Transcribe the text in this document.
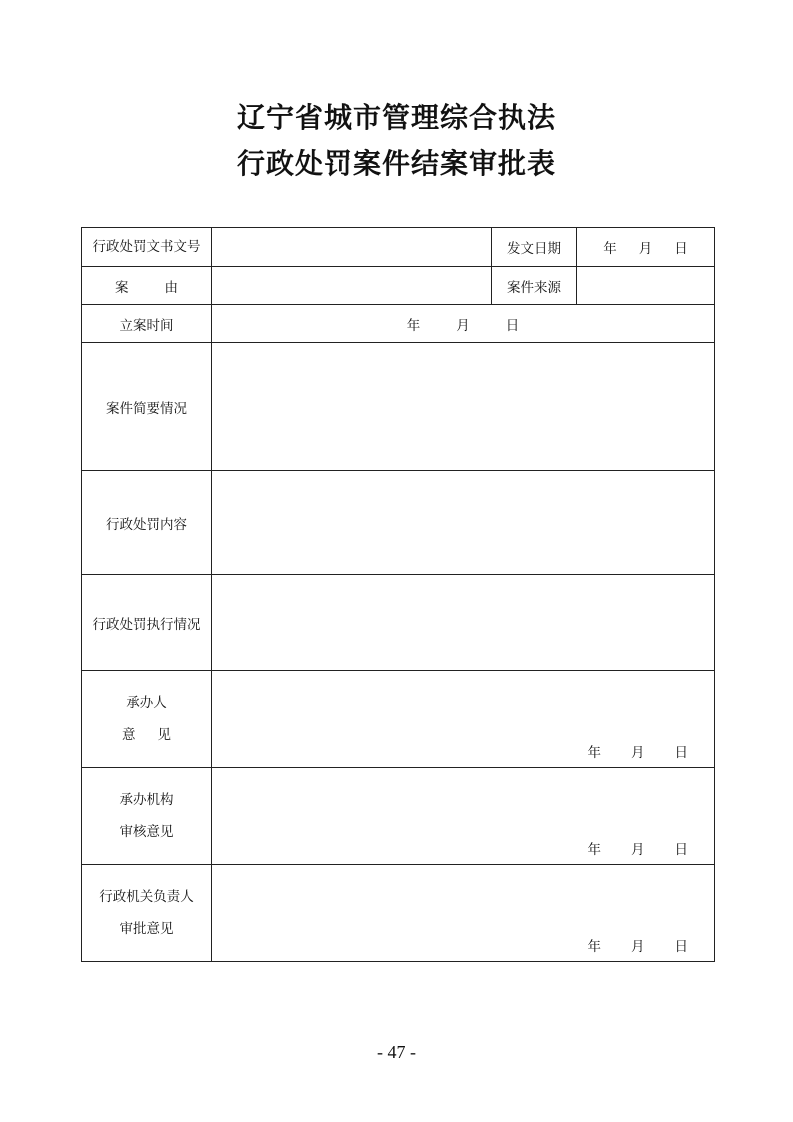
辽宁省城市管理综合执法
行政处罚案件结案审批表
行政处罚文书文号		发文日期	年 月 日
案 由		案件来源	
立案时间	年 月 日		
案件简要情况			
行政处罚内容			
行政处罚执行情况			

承办人
意 见	年 月 日		

承办机构
审核意见	年 月 日		

行政机关负责人
审批意见	年 月 日		
- 47 -
